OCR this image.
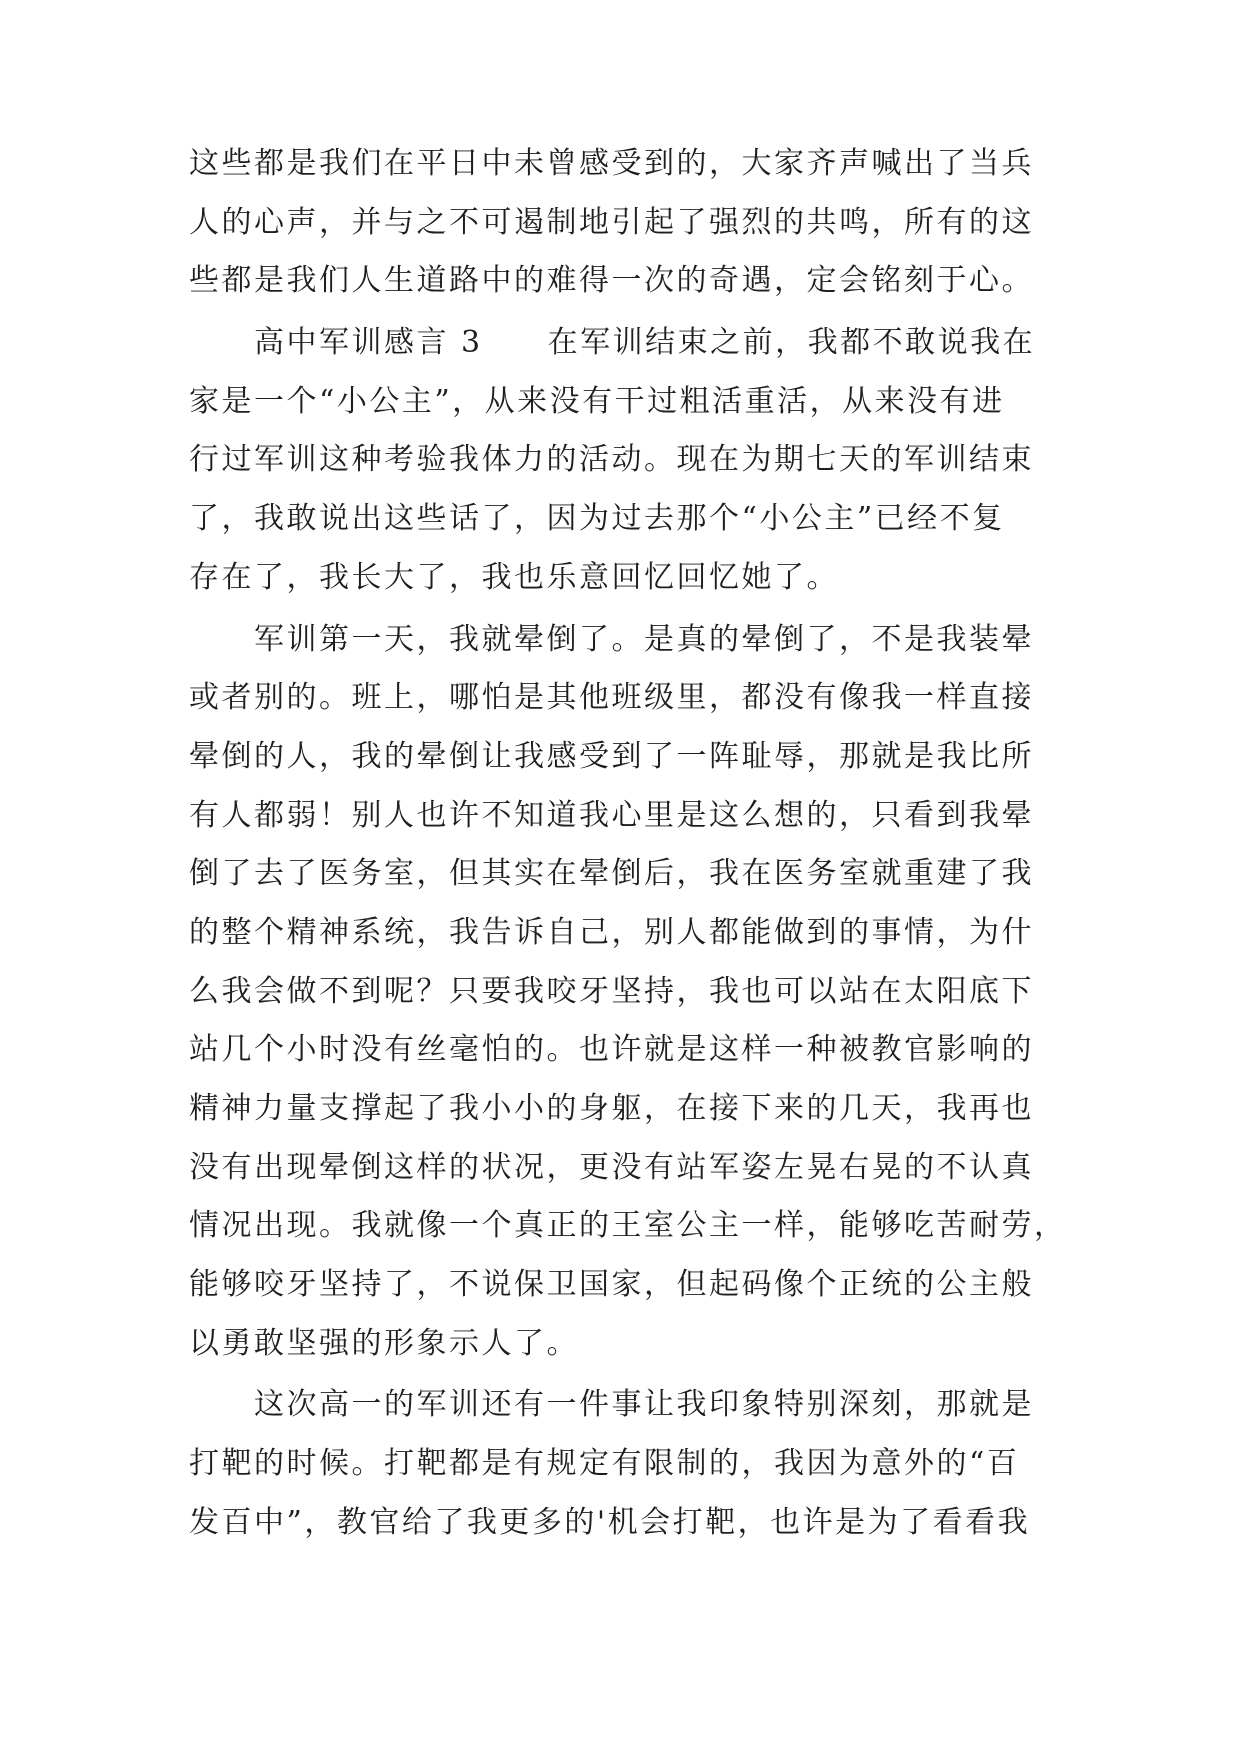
这些都是我们在平日中未曾感受到的，大家齐声喊出了当兵
人的心声，并与之不可遏制地引起了强烈的共鸣，所有的这
些都是我们人生道路中的难得一次的奇遇，定会铭刻于心。
高中军训感言 3　　在军训结束之前，我都不敢说我在
家是一个“小公主”，从来没有干过粗活重活，从来没有进
行过军训这种考验我体力的活动。现在为期七天的军训结束
了，我敢说出这些话了，因为过去那个“小公主”已经不复
存在了，我长大了，我也乐意回忆回忆她了。
军训第一天，我就晕倒了。是真的晕倒了，不是我装晕
或者别的。班上，哪怕是其他班级里，都没有像我一样直接
晕倒的人，我的晕倒让我感受到了一阵耻辱，那就是我比所
有人都弱！别人也许不知道我心里是这么想的，只看到我晕
倒了去了医务室，但其实在晕倒后，我在医务室就重建了我
的整个精神系统，我告诉自己，别人都能做到的事情，为什
么我会做不到呢？只要我咬牙坚持，我也可以站在太阳底下
站几个小时没有丝毫怕的。也许就是这样一种被教官影响的
精神力量支撑起了我小小的身躯，在接下来的几天，我再也
没有出现晕倒这样的状况，更没有站军姿左晃右晃的不认真
情况出现。我就像一个真正的王室公主一样，能够吃苦耐劳，
能够咬牙坚持了，不说保卫国家，但起码像个正统的公主般
以勇敢坚强的形象示人了。
这次高一的军训还有一件事让我印象特别深刻，那就是
打靶的时候。打靶都是有规定有限制的，我因为意外的“百
发百中”，教官给了我更多的'机会打靶，也许是为了看看我
